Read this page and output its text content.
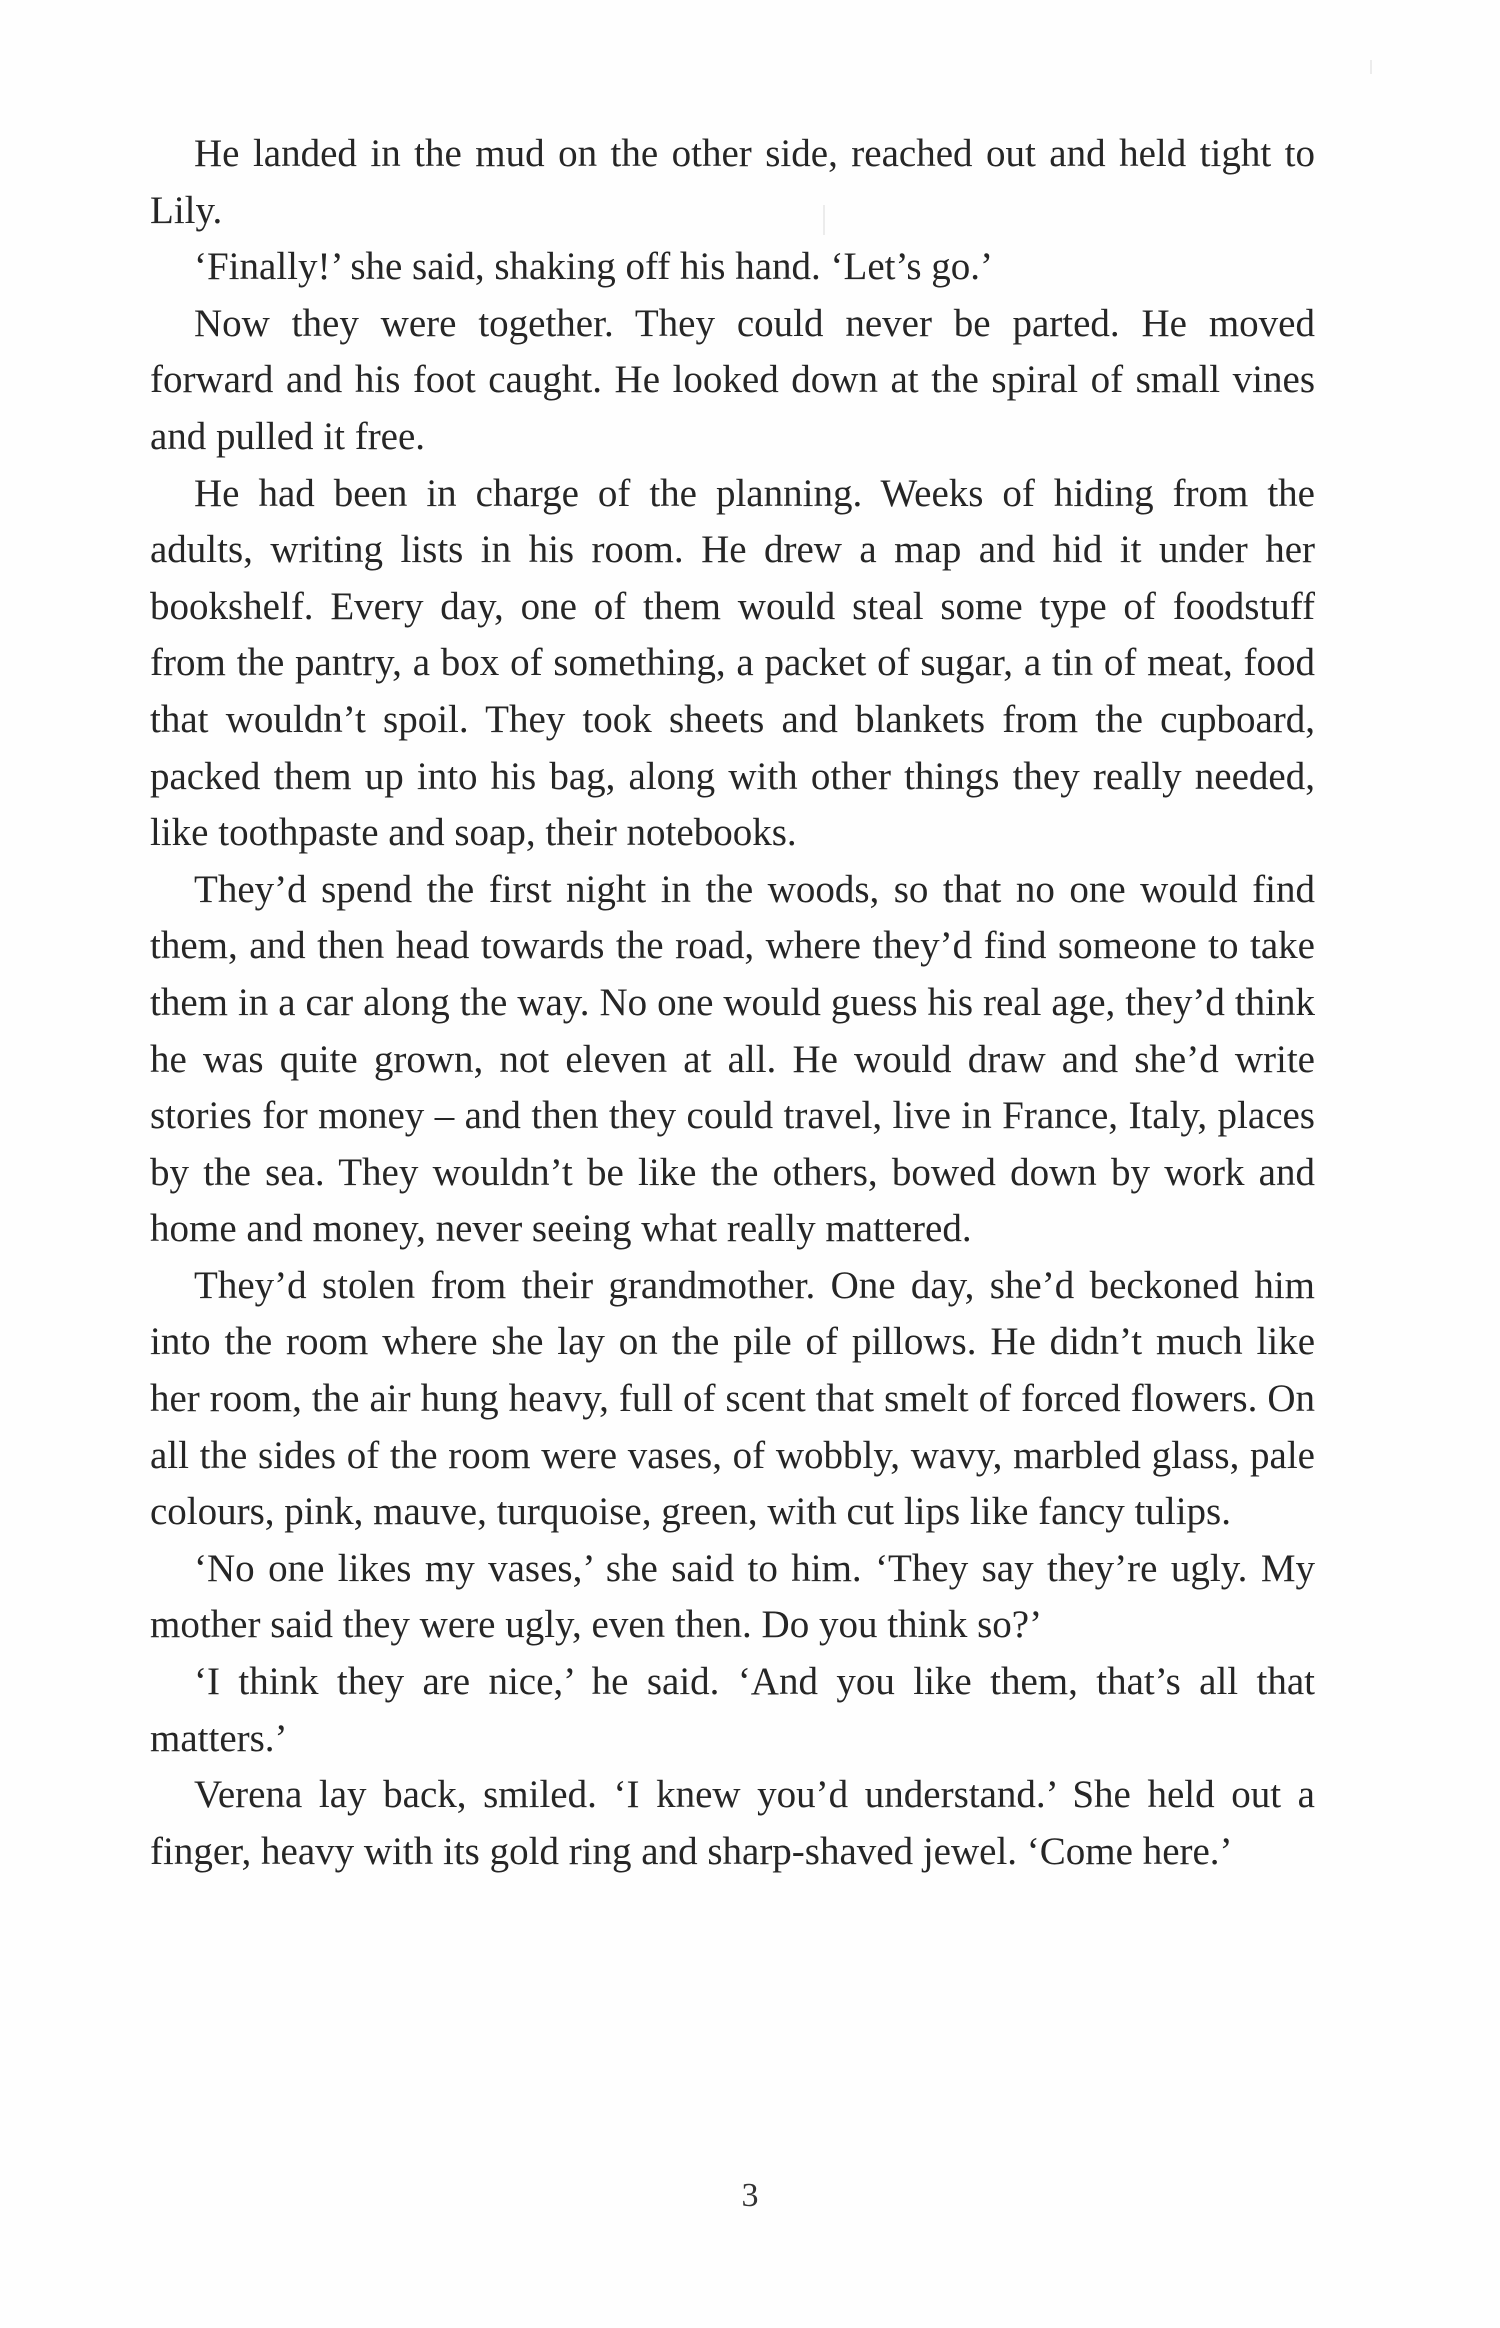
He landed in the mud on the other side, reached out and held tight to Lily.

‘Finally!’ she said, shaking off his hand. ‘Let’s go.’

Now they were together. They could never be parted. He moved forward and his foot caught. He looked down at the spiral of small vines and pulled it free.

He had been in charge of the planning. Weeks of hiding from the adults, writing lists in his room. He drew a map and hid it under her bookshelf. Every day, one of them would steal some type of foodstuff from the pantry, a box of something, a packet of sugar, a tin of meat, food that wouldn’t spoil. They took sheets and blankets from the cupboard, packed them up into his bag, along with other things they really needed, like toothpaste and soap, their notebooks.

They’d spend the first night in the woods, so that no one would find them, and then head towards the road, where they’d find someone to take them in a car along the way. No one would guess his real age, they’d think he was quite grown, not eleven at all. He would draw and she’d write stories for money – and then they could travel, live in France, Italy, places by the sea. They wouldn’t be like the others, bowed down by work and home and money, never seeing what really mattered.

They’d stolen from their grandmother. One day, she’d beckoned him into the room where she lay on the pile of pillows. He didn’t much like her room, the air hung heavy, full of scent that smelt of forced flowers. On all the sides of the room were vases, of wobbly, wavy, marbled glass, pale colours, pink, mauve, turquoise, green, with cut lips like fancy tulips.

‘No one likes my vases,’ she said to him. ‘They say they’re ugly. My mother said they were ugly, even then. Do you think so?’

‘I think they are nice,’ he said. ‘And you like them, that’s all that matters.’

Verena lay back, smiled. ‘I knew you’d understand.’ She held out a finger, heavy with its gold ring and sharp-shaved jewel. ‘Come here.’

3
